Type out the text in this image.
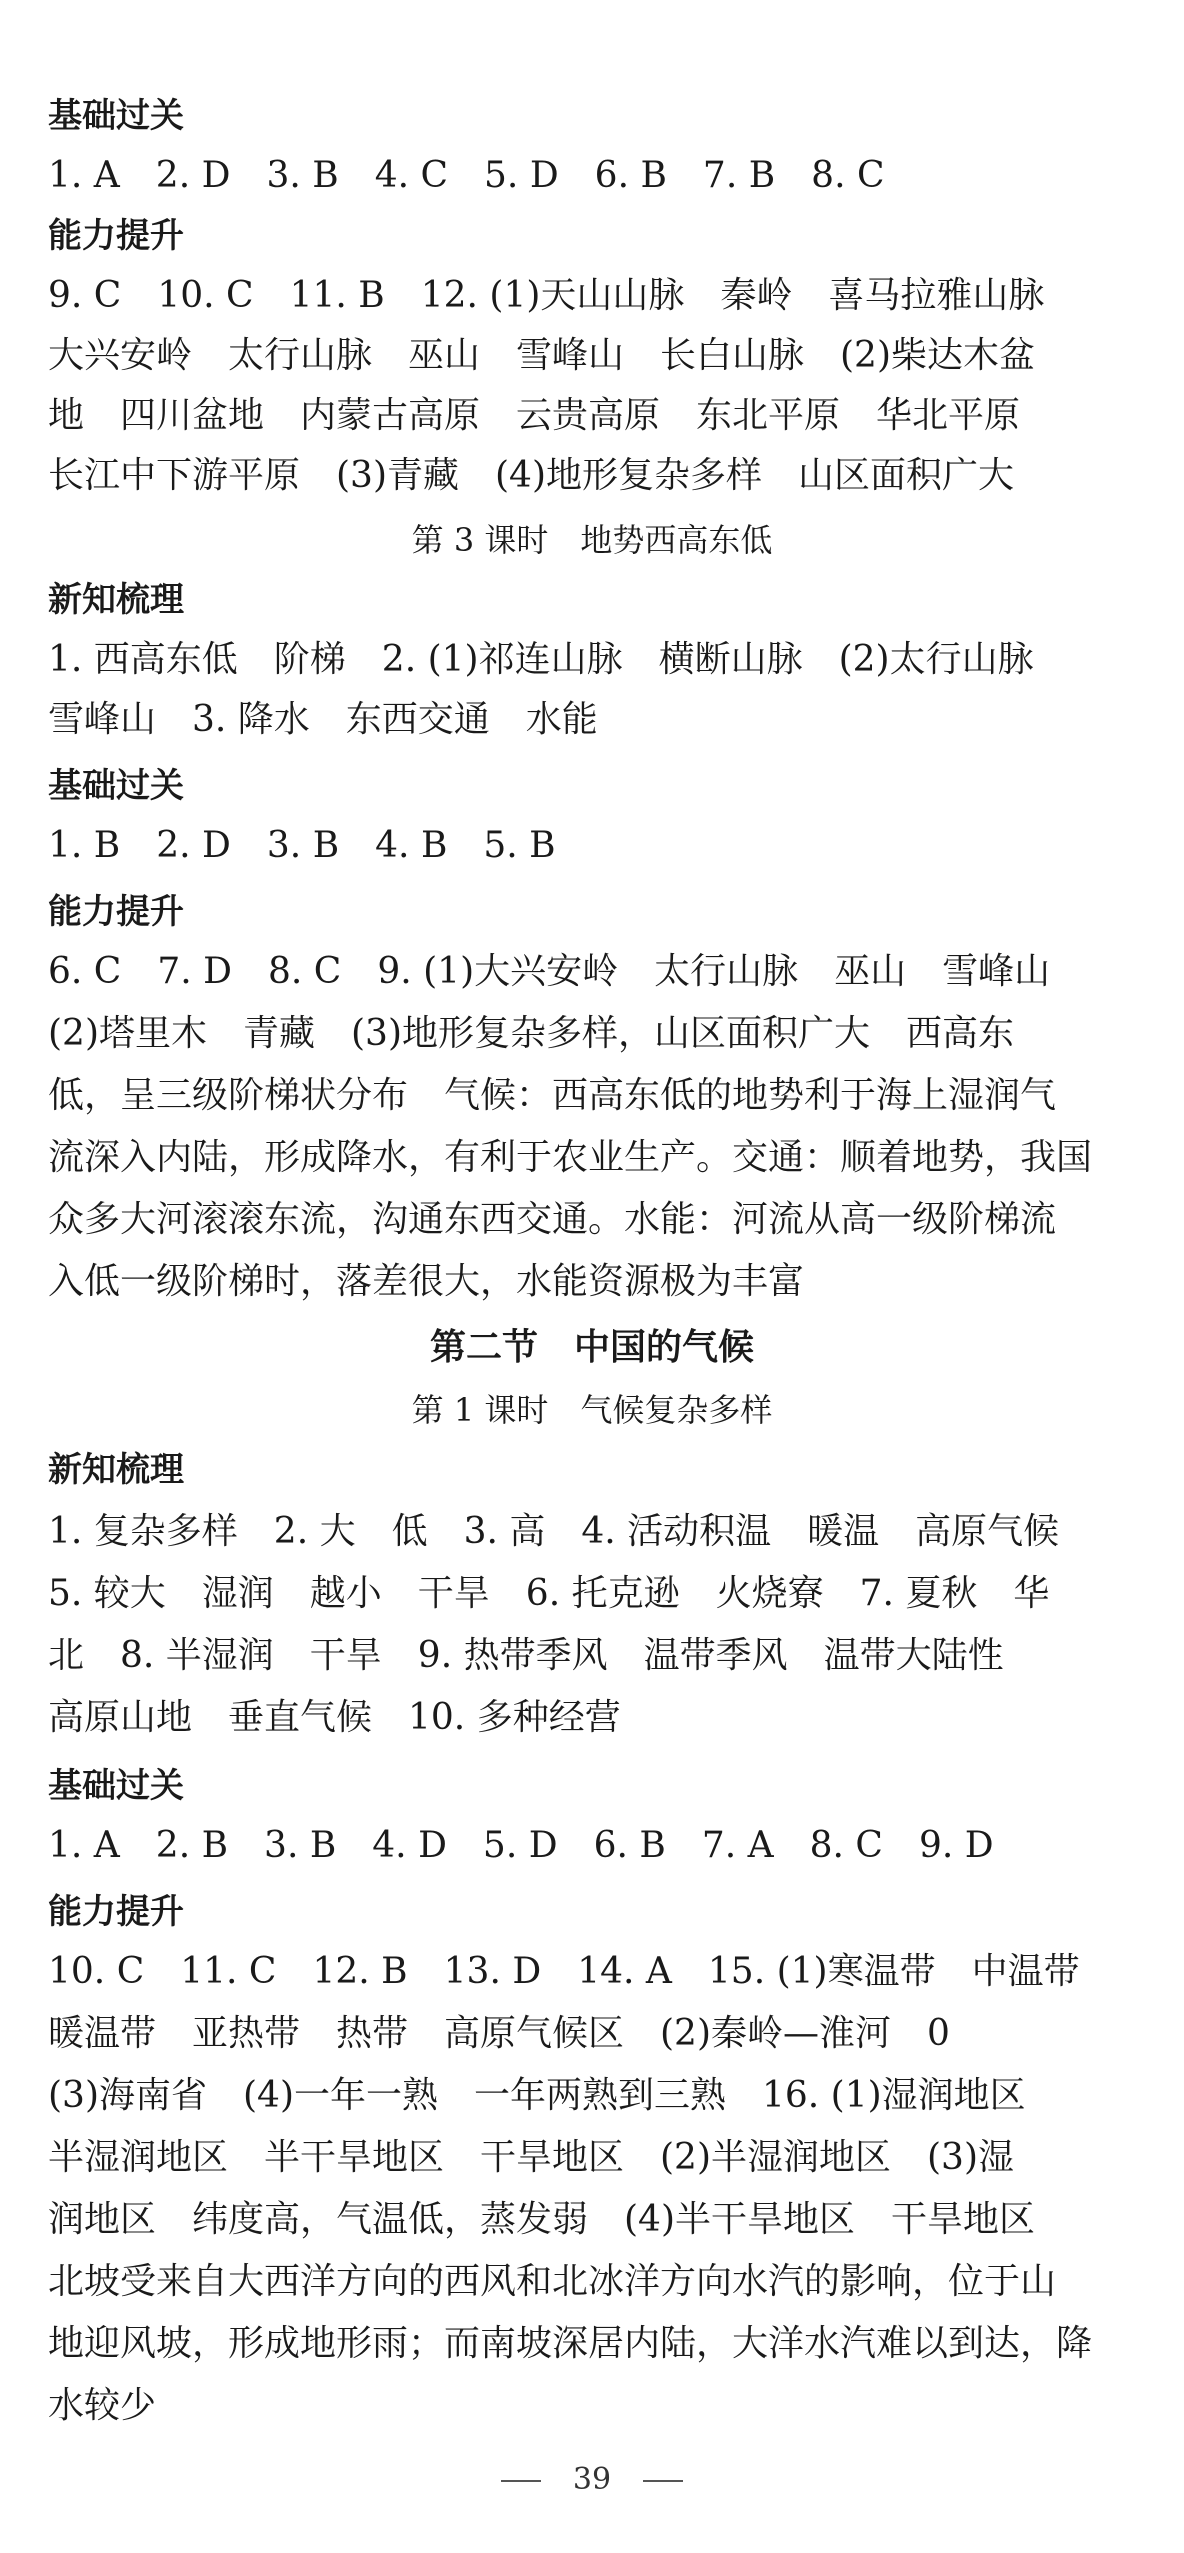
基础过关
1. A　2. D　3. B　4. C　5. D　6. B　7. B　8. C
能力提升
9. C　10. C　11. B　12. (1)天山山脉　秦岭　喜马拉雅山脉
大兴安岭　太行山脉　巫山　雪峰山　长白山脉　(2)柴达木盆
地　四川盆地　内蒙古高原　云贵高原　东北平原　华北平原
长江中下游平原　(3)青藏　(4)地形复杂多样　山区面积广大
第 3 课时　地势西高东低
新知梳理
1. 西高东低　阶梯　2. (1)祁连山脉　横断山脉　(2)太行山脉
雪峰山　3. 降水　东西交通　水能
基础过关
1. B　2. D　3. B　4. B　5. B
能力提升
6. C　7. D　8. C　9. (1)大兴安岭　太行山脉　巫山　雪峰山
(2)塔里木　青藏　(3)地形复杂多样，山区面积广大　西高东
低，呈三级阶梯状分布　气候：西高东低的地势利于海上湿润气
流深入内陆，形成降水，有利于农业生产。交通：顺着地势，我国
众多大河滚滚东流，沟通东西交通。水能：河流从高一级阶梯流
入低一级阶梯时，落差很大，水能资源极为丰富
第二节　中国的气候
第 1 课时　气候复杂多样
新知梳理
1. 复杂多样　2. 大　低　3. 高　4. 活动积温　暖温　高原气候
5. 较大　湿润　越小　干旱　6. 托克逊　火烧寮　7. 夏秋　华
北　8. 半湿润　干旱　9. 热带季风　温带季风　温带大陆性
高原山地　垂直气候　10. 多种经营
基础过关
1. A　2. B　3. B　4. D　5. D　6. B　7. A　8. C　9. D
能力提升
10. C　11. C　12. B　13. D　14. A　15. (1)寒温带　中温带
暖温带　亚热带　热带　高原气候区　(2)秦岭—淮河　0
(3)海南省　(4)一年一熟　一年两熟到三熟　16. (1)湿润地区
半湿润地区　半干旱地区　干旱地区　(2)半湿润地区　(3)湿
润地区　纬度高，气温低，蒸发弱　(4)半干旱地区　干旱地区
北坡受来自大西洋方向的西风和北冰洋方向水汽的影响，位于山
地迎风坡，形成地形雨；而南坡深居内陆，大洋水汽难以到达，降
水较少
39
